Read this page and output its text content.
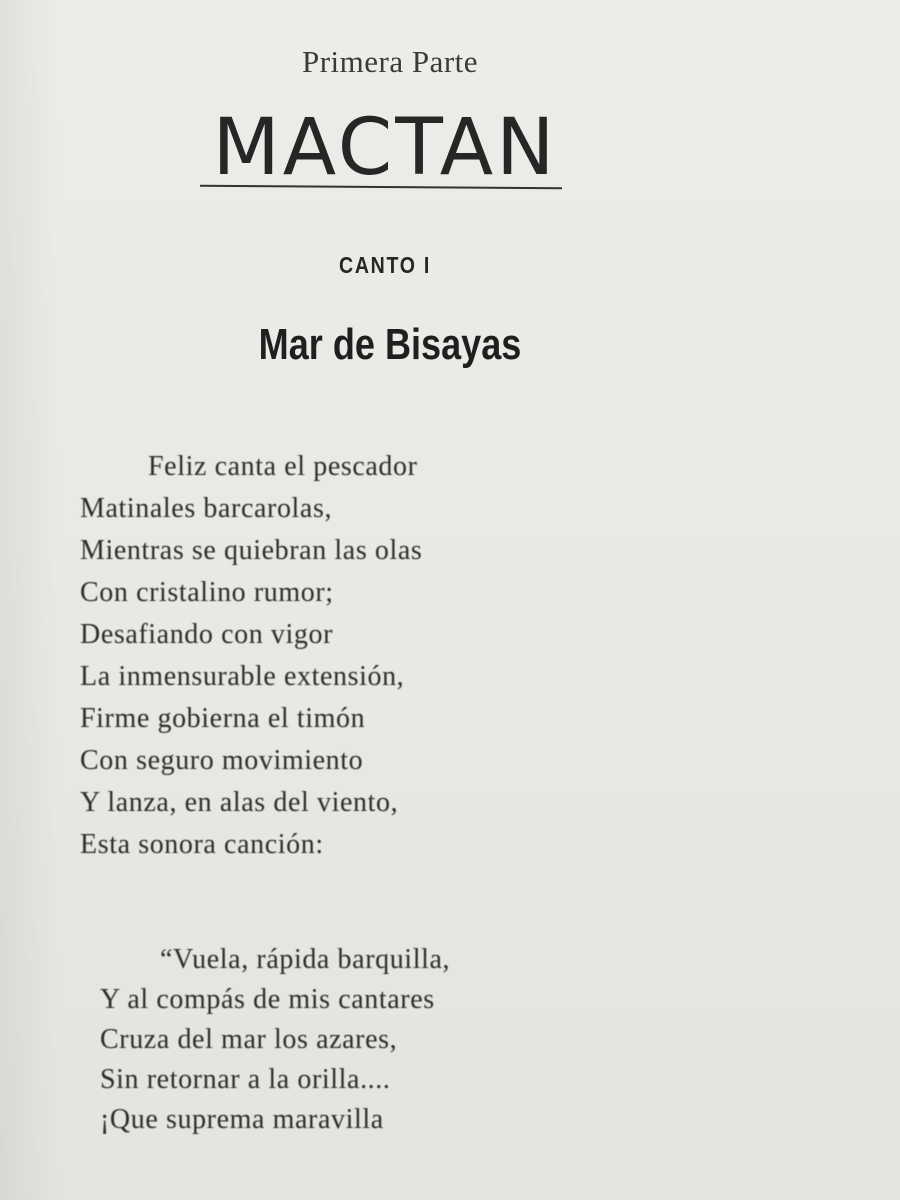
Primera Parte
MACTAN
CANTO I
Mar de Bisayas
Feliz canta el pescador
Matinales barcarolas,
Mientras se quiebran las olas
Con cristalino rumor;
Desafiando con vigor
La inmensurable extensión,
Firme gobierna el timón
Con seguro movimiento
Y lanza, en alas del viento,
Esta sonora canción:
“Vuela, rápida barquilla,
Y al compás de mis cantares
Cruza del mar los azares,
Sin retornar a la orilla....
¡Que suprema maravilla
